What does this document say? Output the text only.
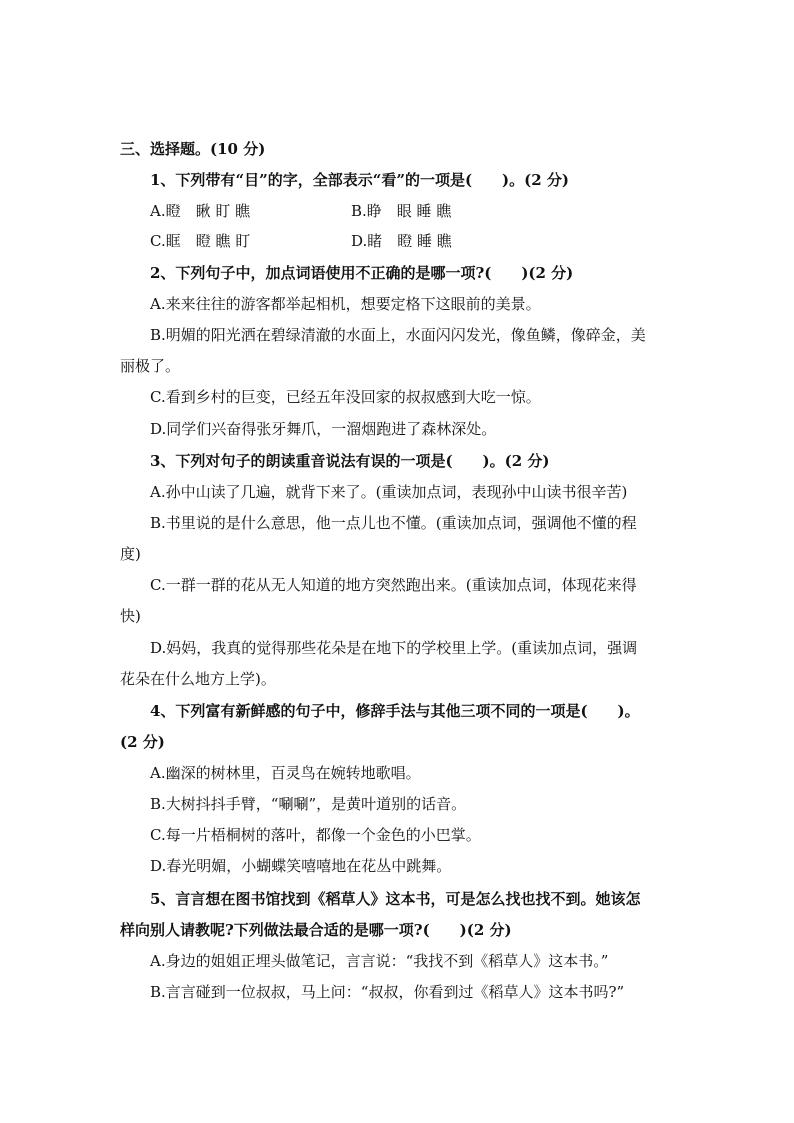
三、选择题。(10 分)
1、下列带有“目”的字，全部表示“看”的一项是(　　)。(2 分)
A.瞪　瞅 盯 瞧	B.睁　眼 睡 瞧
C.眶　瞪 瞧 盯	D.睹　瞪 睡 瞧
2、下列句子中，加点词语使用不正确的是哪一项?(　　)(2 分)
A.来来往往的游客都举起相机，想要定格下这眼前的美景。
B.明媚的阳光洒在碧绿清澈的水面上，水面闪闪发光，像鱼鳞，像碎金，美
丽极了。
C.看到乡村的巨变，已经五年没回家的叔叔感到大吃一惊。
D.同学们兴奋得张牙舞爪，一溜烟跑进了森林深处。
3、下列对句子的朗读重音说法有误的一项是(　　)。(2 分)
A.孙中山读了几遍，就背下来了。(重读加点词，表现孙中山读书很辛苦)
B.书里说的是什么意思，他一点儿也不懂。(重读加点词，强调他不懂的程
度)
C.一群一群的花从无人知道的地方突然跑出来。(重读加点词，体现花来得
快)
D.妈妈，我真的觉得那些花朵是在地下的学校里上学。(重读加点词，强调
花朵在什么地方上学)。
4、下列富有新鲜感的句子中，修辞手法与其他三项不同的一项是(　　)。
(2 分)
A.幽深的树林里，百灵鸟在婉转地歌唱。
B.大树抖抖手臂，“唰唰”，是黄叶道别的话音。
C.每一片梧桐树的落叶，都像一个金色的小巴掌。
D.春光明媚，小蝴蝶笑嘻嘻地在花丛中跳舞。
5、言言想在图书馆找到《稻草人》这本书，可是怎么找也找不到。她该怎
样向别人请教呢?下列做法最合适的是哪一项?(　　)(2 分)
A.身边的姐姐正埋头做笔记，言言说：“我找不到《稻草人》这本书。”
B.言言碰到一位叔叔，马上问：“叔叔，你看到过《稻草人》这本书吗?”
